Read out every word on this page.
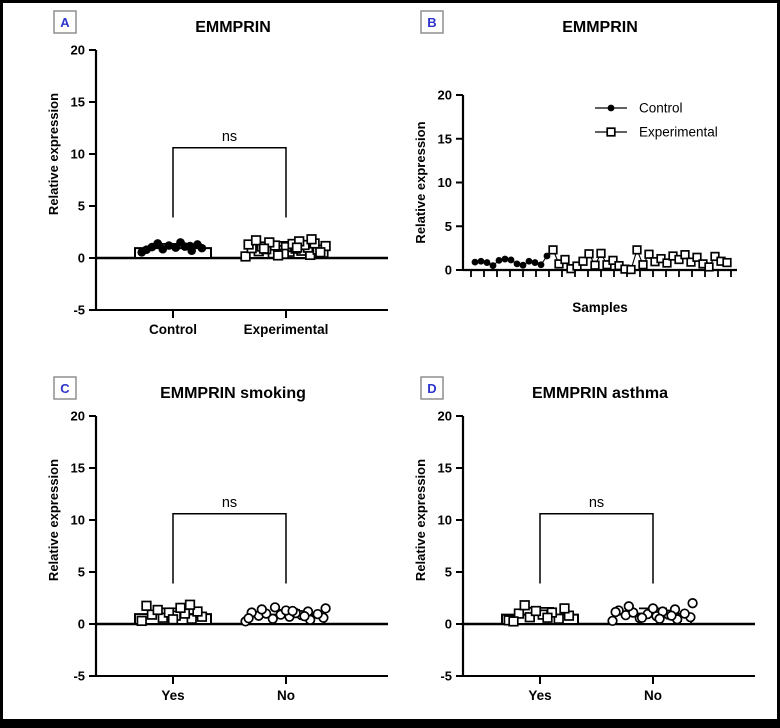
A	EMMPRIN
-5
0
5
10
15
20
Relative expression
Control	Experimental
ns
B	EMMPRIN
0
5
10
15
20
Relative expression
Samples
Control
Experimental
C	EMMPRIN smoking
-5
0
5
10
15
20
Relative expression
Yes	No
ns
D	EMMPRIN asthma
-5
0
5
10
15
20
Relative expression
Yes	No
ns
